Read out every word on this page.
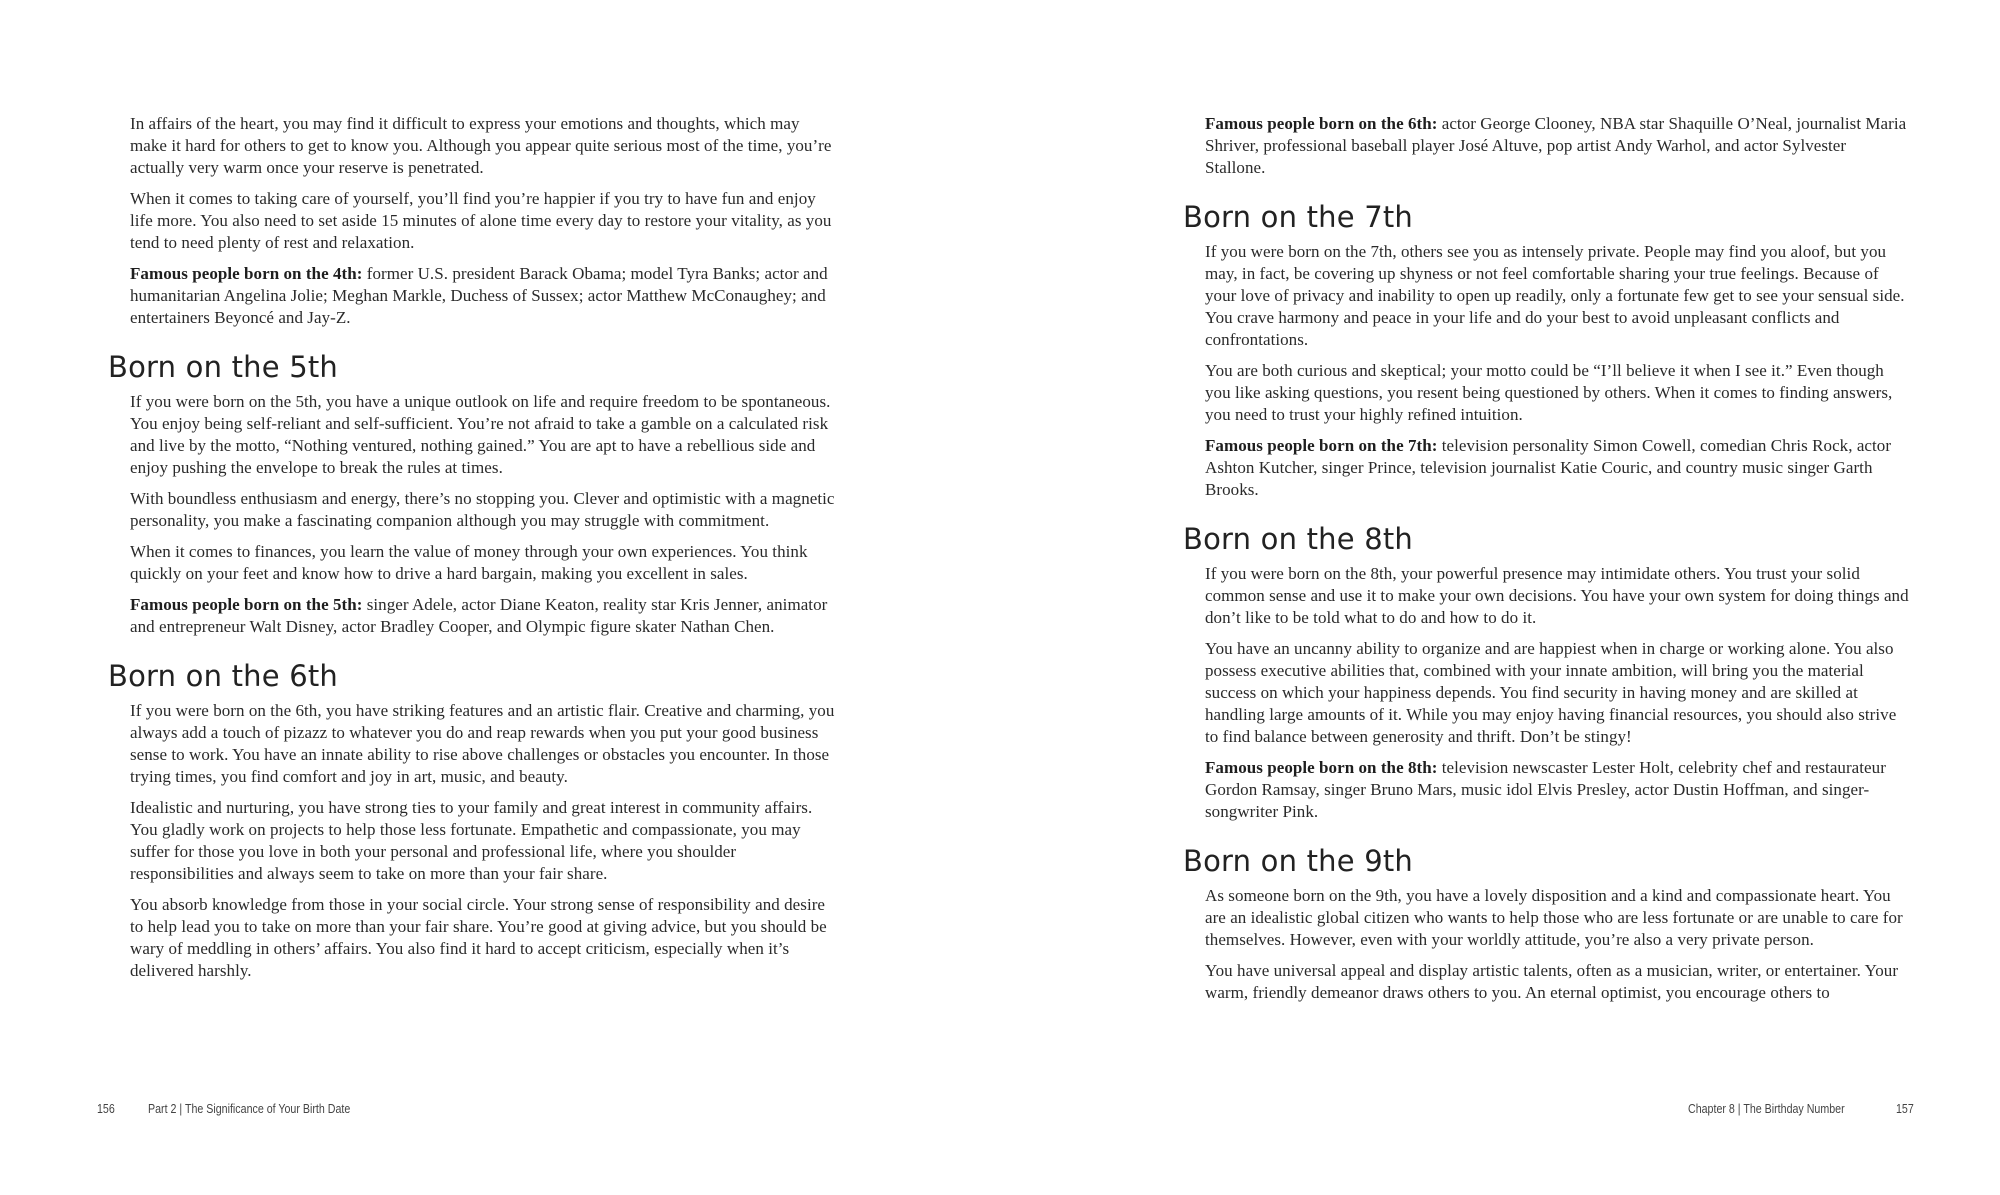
In affairs of the heart, you may find it difficult to express your emotions and thoughts, which may make it hard for others to get to know you. Although you appear quite serious most of the time, you’re actually very warm once your reserve is penetrated.

When it comes to taking care of yourself, you’ll find you’re happier if you try to have fun and enjoy life more. You also need to set aside 15 minutes of alone time every day to restore your vitality, as you tend to need plenty of rest and relaxation.

Famous people born on the 4th: former U.S. president Barack Obama; model Tyra Banks; actor and humanitarian Angelina Jolie; Meghan Markle, Duchess of Sussex; actor Matthew McConaughey; and entertainers Beyoncé and Jay-Z.

Born on the 5th

If you were born on the 5th, you have a unique outlook on life and require freedom to be spontaneous. You enjoy being self-reliant and self-sufficient. You’re not afraid to take a gamble on a calculated risk and live by the motto, “Nothing ventured, nothing gained.” You are apt to have a rebellious side and enjoy pushing the envelope to break the rules at times.

With boundless enthusiasm and energy, there’s no stopping you. Clever and optimistic with a magnetic personality, you make a fascinating companion although you may struggle with commitment.

When it comes to finances, you learn the value of money through your own experiences. You think quickly on your feet and know how to drive a hard bargain, making you excellent in sales.

Famous people born on the 5th: singer Adele, actor Diane Keaton, reality star Kris Jenner, animator and entrepreneur Walt Disney, actor Bradley Cooper, and Olympic figure skater Nathan Chen.

Born on the 6th

If you were born on the 6th, you have striking features and an artistic flair. Creative and charming, you always add a touch of pizazz to whatever you do and reap rewards when you put your good business sense to work. You have an innate ability to rise above challenges or obstacles you encounter. In those trying times, you find comfort and joy in art, music, and beauty.

Idealistic and nurturing, you have strong ties to your family and great interest in community affairs. You gladly work on projects to help those less fortunate. Empathetic and compassionate, you may suffer for those you love in both your personal and professional life, where you shoulder responsibilities and always seem to take on more than your fair share.

You absorb knowledge from those in your social circle. Your strong sense of responsibility and desire to help lead you to take on more than your fair share. You’re good at giving advice, but you should be wary of meddling in others’ affairs. You also find it hard to accept criticism, especially when it’s delivered harshly.

156	Part 2 | The Significance of Your Birth Date

Famous people born on the 6th: actor George Clooney, NBA star Shaquille O’Neal, journalist Maria Shriver, professional baseball player José Altuve, pop artist Andy Warhol, and actor Sylvester Stallone.

Born on the 7th

If you were born on the 7th, others see you as intensely private. People may find you aloof, but you may, in fact, be covering up shyness or not feel comfortable sharing your true feelings. Because of your love of privacy and inability to open up readily, only a fortunate few get to see your sensual side. You crave harmony and peace in your life and do your best to avoid unpleasant conflicts and confrontations.

You are both curious and skeptical; your motto could be “I’ll believe it when I see it.” Even though you like asking questions, you resent being questioned by others. When it comes to finding answers, you need to trust your highly refined intuition.

Famous people born on the 7th: television personality Simon Cowell, comedian Chris Rock, actor Ashton Kutcher, singer Prince, television journalist Katie Couric, and country music singer Garth Brooks.

Born on the 8th

If you were born on the 8th, your powerful presence may intimidate others. You trust your solid common sense and use it to make your own decisions. You have your own system for doing things and don’t like to be told what to do and how to do it.

You have an uncanny ability to organize and are happiest when in charge or working alone. You also possess executive abilities that, combined with your innate ambition, will bring you the material success on which your happiness depends. You find security in having money and are skilled at handling large amounts of it. While you may enjoy having financial resources, you should also strive to find balance between generosity and thrift. Don’t be stingy!

Famous people born on the 8th: television newscaster Lester Holt, celebrity chef and restaurateur Gordon Ramsay, singer Bruno Mars, music idol Elvis Presley, actor Dustin Hoffman, and singer-songwriter Pink.

Born on the 9th

As someone born on the 9th, you have a lovely disposition and a kind and compassionate heart. You are an idealistic global citizen who wants to help those who are less fortunate or are unable to care for themselves. However, even with your worldly attitude, you’re also a very private person.

You have universal appeal and display artistic talents, often as a musician, writer, or entertainer. Your warm, friendly demeanor draws others to you. An eternal optimist, you encourage others to

Chapter 8 | The Birthday Number	157
